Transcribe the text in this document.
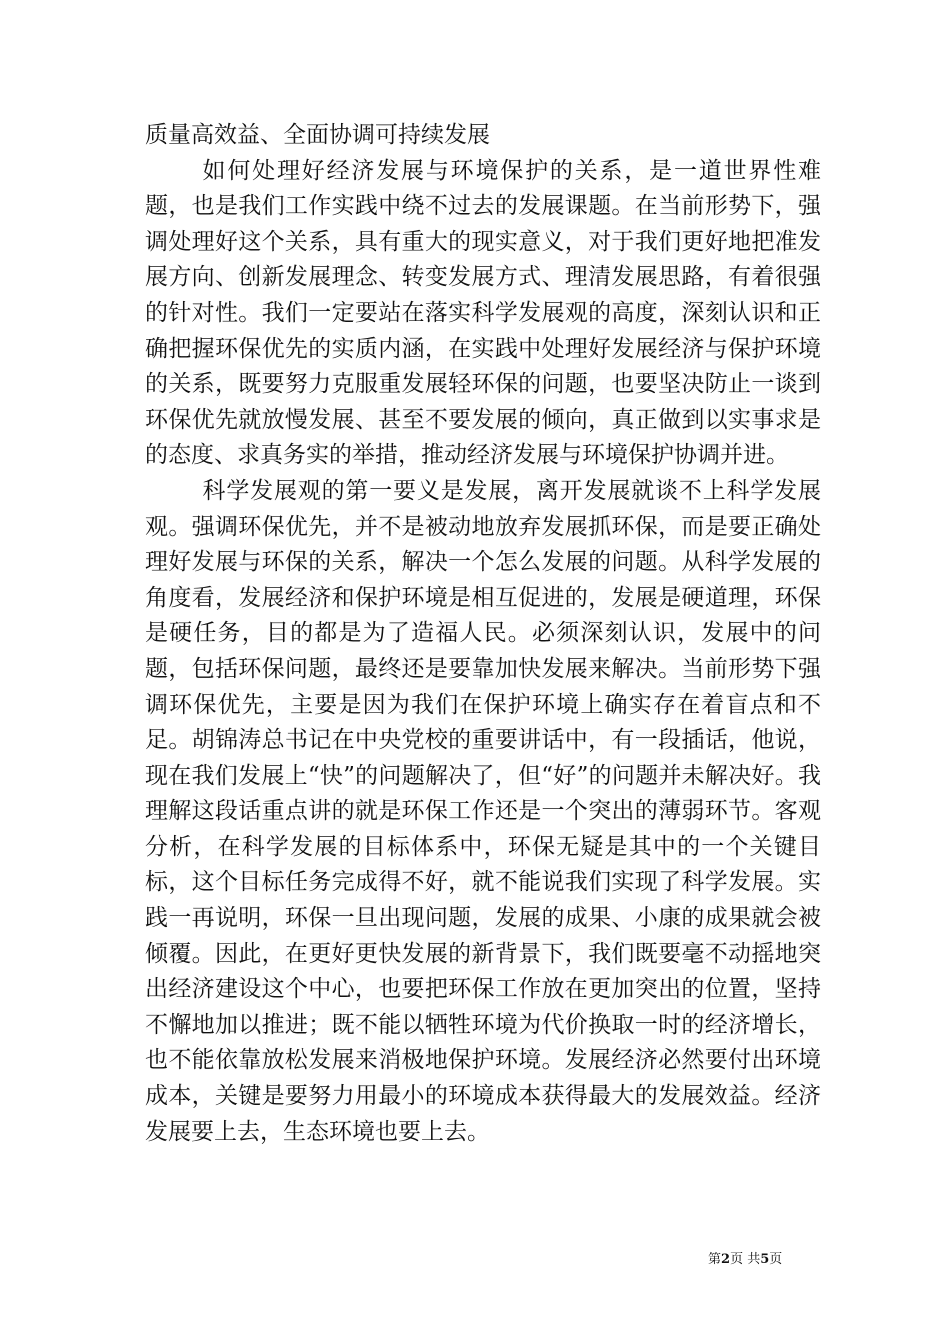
质量高效益、全面协调可持续发展

如何处理好经济发展与环境保护的关系，是一道世界性难题，也是我们工作实践中绕不过去的发展课题。在当前形势下，强调处理好这个关系，具有重大的现实意义，对于我们更好地把准发展方向、创新发展理念、转变发展方式、理清发展思路，有着很强的针对性。我们一定要站在落实科学发展观的高度，深刻认识和正确把握环保优先的实质内涵，在实践中处理好发展经济与保护环境的关系，既要努力克服重发展轻环保的问题，也要坚决防止一谈到环保优先就放慢发展、甚至不要发展的倾向，真正做到以实事求是的态度、求真务实的举措，推动经济发展与环境保护协调并进。

科学发展观的第一要义是发展，离开发展就谈不上科学发展观。强调环保优先，并不是被动地放弃发展抓环保，而是要正确处理好发展与环保的关系，解决一个怎么发展的问题。从科学发展的角度看，发展经济和保护环境是相互促进的，发展是硬道理，环保是硬任务，目的都是为了造福人民。必须深刻认识，发展中的问题，包括环保问题，最终还是要靠加快发展来解决。当前形势下强调环保优先，主要是因为我们在保护环境上确实存在着盲点和不足。胡锦涛总书记在中央党校的重要讲话中，有一段插话，他说，现在我们发展上“快”的问题解决了，但“好”的问题并未解决好。我理解这段话重点讲的就是环保工作还是一个突出的薄弱环节。客观分析，在科学发展的目标体系中，环保无疑是其中的一个关键目标，这个目标任务完成得不好，就不能说我们实现了科学发展。实践一再说明，环保一旦出现问题，发展的成果、小康的成果就会被倾覆。因此，在更好更快发展的新背景下，我们既要毫不动摇地突出经济建设这个中心，也要把环保工作放在更加突出的位置，坚持不懈地加以推进；既不能以牺牲环境为代价换取一时的经济增长，也不能依靠放松发展来消极地保护环境。发展经济必然要付出环境成本，关键是要努力用最小的环境成本获得最大的发展效益。经济发展要上去，生态环境也要上去。

第2页 共5页
